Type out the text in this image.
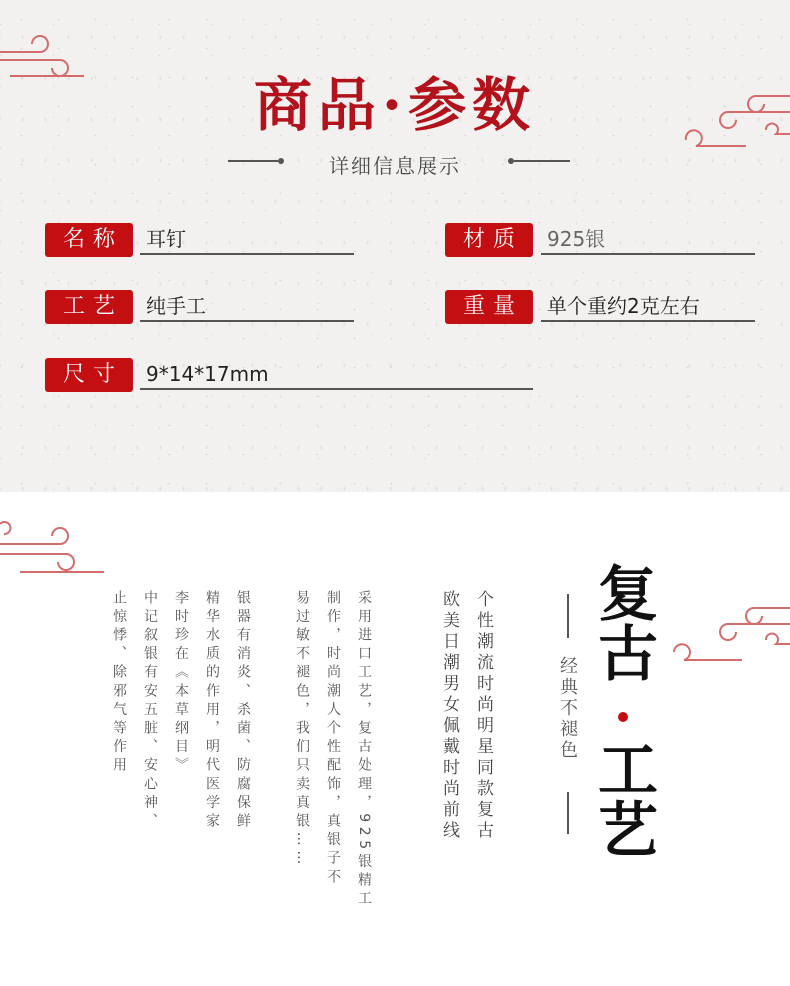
商品·参数
详细信息展示
名称	耳钉	材质	925银
工艺	纯手工	重量	单个重约2克左右
尺寸	9*14*17mm
复古
工艺
经典不褪色
个性潮流时尚明星同款复古
欧美日潮男女佩戴时尚前线
采用进口工艺，复古处理，925银精工
制作，时尚潮人个性配饰，真银子不
易过敏不褪色，我们只卖真银……
银器有消炎、杀菌、防腐保鲜
精华水质的作用，明代医学家
李时珍在《本草纲目》
中记叙银有安五脏、安心神、
止惊悸、除邪气等作用
